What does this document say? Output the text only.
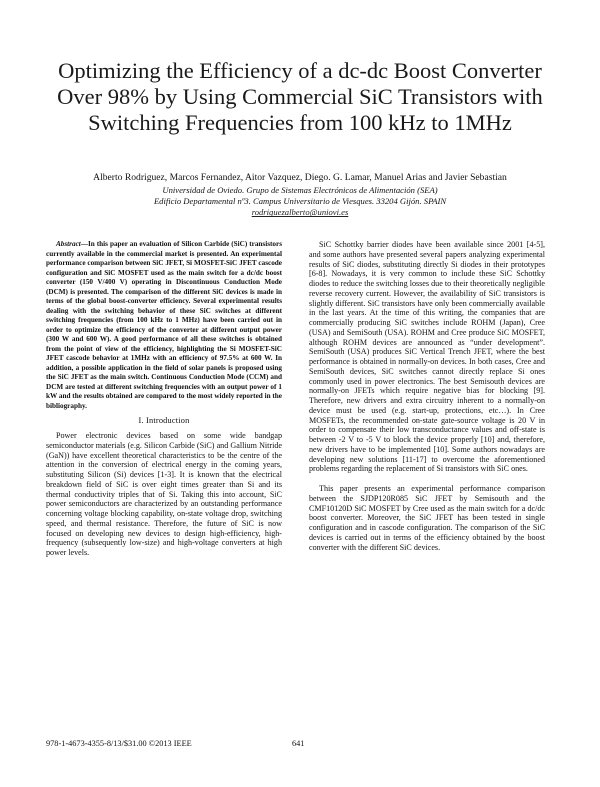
Optimizing the Efficiency of a dc-dc Boost Converter
Over 98% by Using Commercial SiC Transistors with
Switching Frequencies from 100 kHz to 1MHz
Alberto Rodriguez, Marcos Fernandez, Aitor Vazquez, Diego. G. Lamar, Manuel Arias and Javier Sebastian
Universidad de Oviedo. Grupo de Sistemas Electrónicos de Alimentación (SEA)
Edificio Departamental nº3. Campus Universitario de Viesques. 33204 Gijón. SPAIN
rodriguezalberto@uniovi.es

Abstract—In this paper an evaluation of Silicon Carbide (SiC) transistors currently available in the commercial market is presented. An experimental performance comparison between SiC JFET, Si MOSFET-SiC JFET cascode configuration and SiC MOSFET used as the main switch for a dc/dc boost converter (150 V/400 V) operating in Discontinuous Conduction Mode (DCM) is presented. The comparison of the different SiC devices is made in terms of the global boost-converter efficiency. Several experimental results dealing with the switching behavior of these SiC switches at different switching frequencies (from 100 kHz to 1 MHz) have been carried out in order to optimize the efficiency of the converter at different output power (300 W and 600 W). A good performance of all these switches is obtained from the point of view of the efficiency, highlighting the Si MOSFET-SiC JFET cascode behavior at 1MHz with an efficiency of 97.5% at 600 W. In addition, a possible application in the field of solar panels is proposed using the SiC JFET as the main switch. Continuous Conduction Mode (CCM) and DCM are tested at different switching frequencies with an output power of 1 kW and the results obtained are compared to the most widely reported in the bibliography.

I. Introduction

Power electronic devices based on some wide bandgap semiconductor materials (e.g. Silicon Carbide (SiC) and Gallium Nitride (GaN)) have excellent theoretical characteristics to be the centre of the attention in the conversion of electrical energy in the coming years, substituting Silicon (Si) devices [1-3]. It is known that the electrical breakdown field of SiC is over eight times greater than Si and its thermal conductivity triples that of Si. Taking this into account, SiC power semiconductors are characterized by an outstanding performance concerning voltage blocking capability, on-state voltage drop, switching speed, and thermal resistance. Therefore, the future of SiC is now focused on developing new devices to design high-efficiency, high-frequency (subsequently low-size) and high-voltage converters at high power levels.

SiC Schottky barrier diodes have been available since 2001 [4-5], and some authors have presented several papers analyzing experimental results of SiC diodes, substituting directly Si diodes in their prototypes [6-8]. Nowadays, it is very common to include these SiC Schottky diodes to reduce the switching losses due to their theoretically negligible reverse recovery current. However, the availability of SiC transistors is slightly different. SiC transistors have only been commercially available in the last years. At the time of this writing, the companies that are commercially producing SiC switches include ROHM (Japan), Cree (USA) and SemiSouth (USA). ROHM and Cree produce SiC MOSFET, although ROHM devices are announced as “under development”. SemiSouth (USA) produces SiC Vertical Trench JFET, where the best performance is obtained in normally-on devices. In both cases, Cree and SemiSouth devices, SiC switches cannot directly replace Si ones commonly used in power electronics. The best Semisouth devices are normally-on JFETs which require negative bias for blocking [9]. Therefore, new drivers and extra circuitry inherent to a normally-on device must be used (e.g. start-up, protections, etc…). In Cree MOSFETs, the recommended on-state gate-source voltage is 20 V in order to compensate their low transconductance values and off-state is between -2 V to -5 V to block the device properly [10] and, therefore, new drivers have to be implemented [10]. Some authors nowadays are developing new solutions [11-17] to overcome the aforementioned problems regarding the replacement of Si transistors with SiC ones.

This paper presents an experimental performance comparison between the SJDP120R085 SiC JFET by Semisouth and the CMF10120D SiC MOSFET by Cree used as the main switch for a dc/dc boost converter. Moreover, the SiC JFET has been tested in single configuration and in cascode configuration. The comparison of the SiC devices is carried out in terms of the efficiency obtained by the boost converter with the different SiC devices.

978-1-4673-4355-8/13/$31.00 ©2013 IEEE	641
